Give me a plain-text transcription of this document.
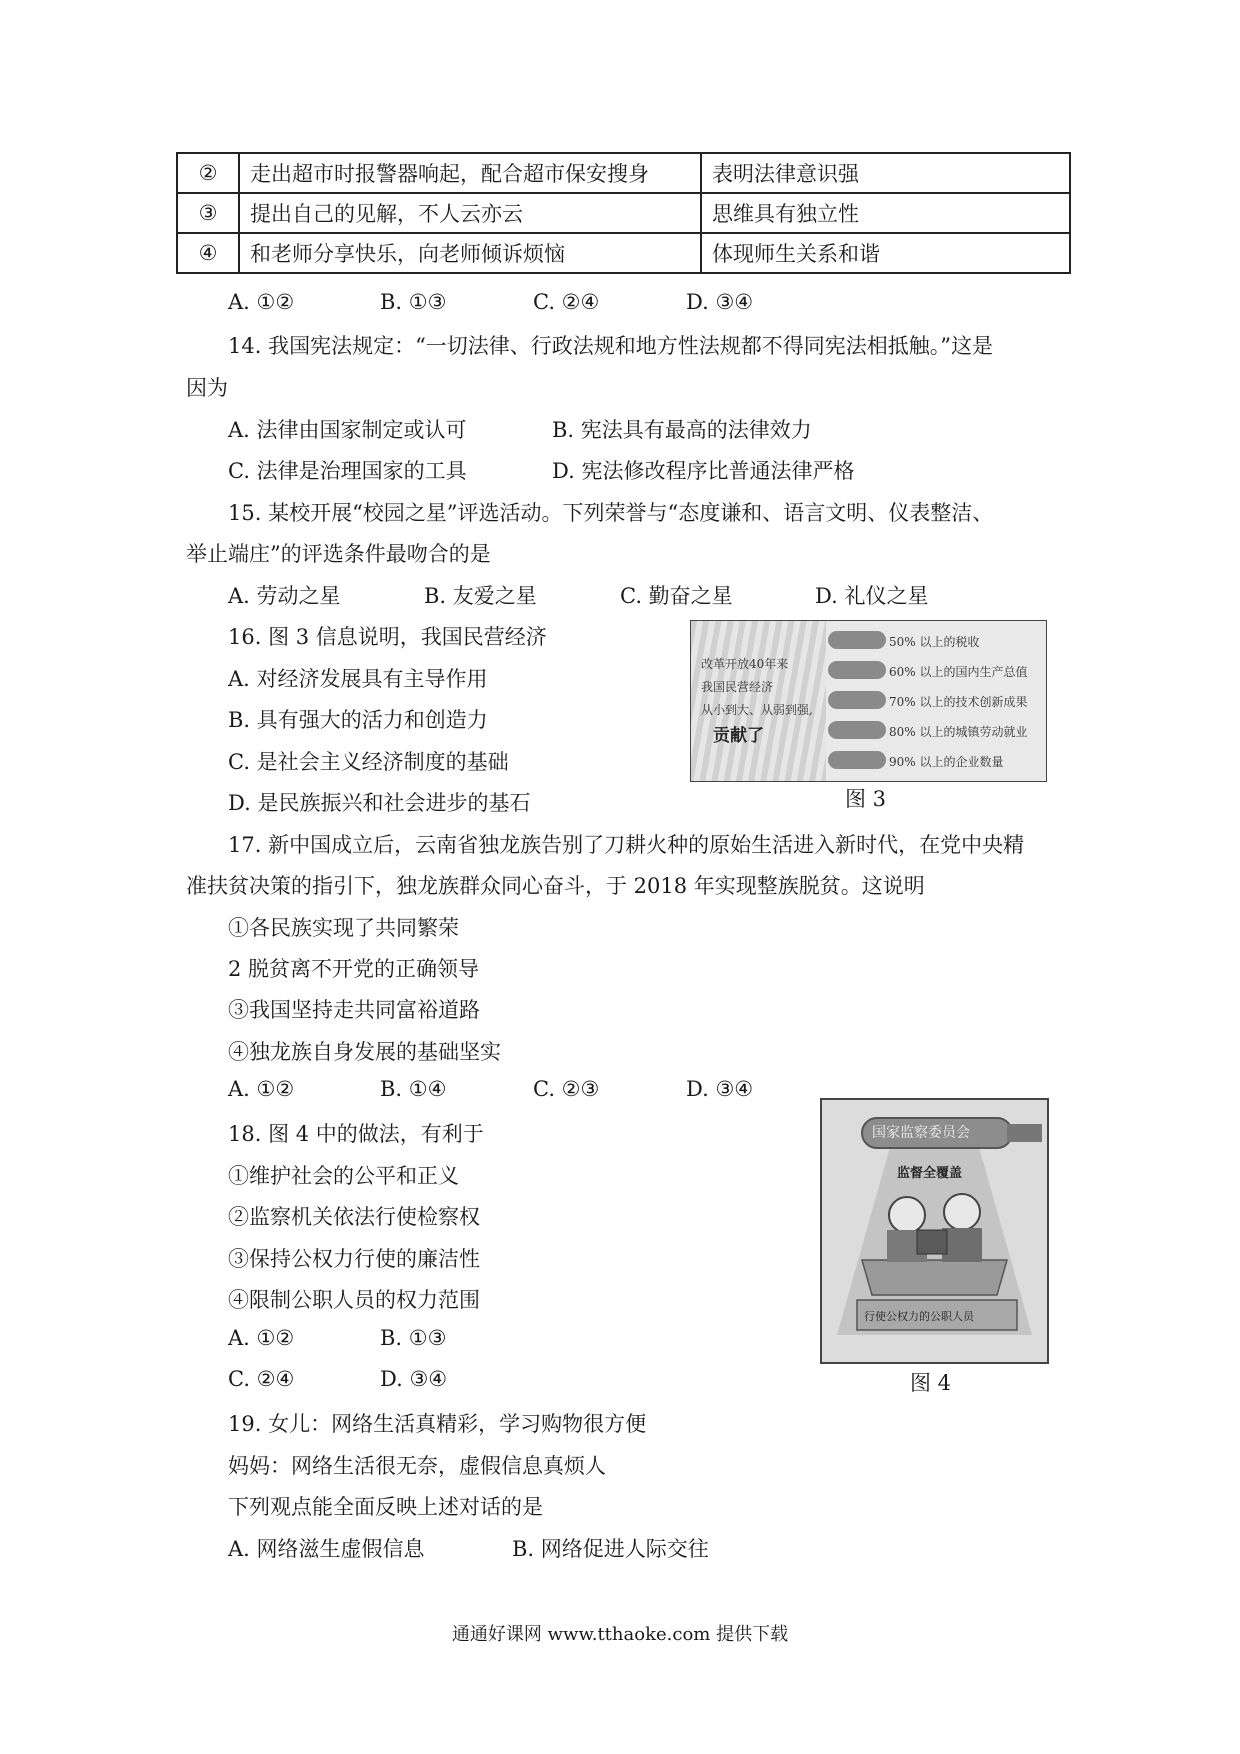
②	走出超市时报警器响起，配合超市保安搜身	表明法律意识强
③	提出自己的见解，不人云亦云	思维具有独立性
④	和老师分享快乐，向老师倾诉烦恼	体现师生关系和谐
A. ①②	B. ①③	C. ②④	D. ③④
14. 我国宪法规定：“一切法律、行政法规和地方性法规都不得同宪法相抵触。”这是
因为
A. 法律由国家制定或认可	B. 宪法具有最高的法律效力
C. 法律是治理国家的工具	D. 宪法修改程序比普通法律严格
15. 某校开展“校园之星”评选活动。下列荣誉与“态度谦和、语言文明、仪表整洁、
举止端庄”的评选条件最吻合的是
A. 劳动之星	B. 友爱之星	C. 勤奋之星	D. 礼仪之星
16. 图 3 信息说明，我国民营经济
A. 对经济发展具有主导作用
B. 具有强大的活力和创造力
C. 是社会主义经济制度的基础
D. 是民族振兴和社会进步的基石
改革开放40年来
我国民营经济
从小到大、从弱到强,
贡献了
50% 以上的税收
60% 以上的国内生产总值
70% 以上的技术创新成果
80% 以上的城镇劳动就业
90% 以上的企业数量
图 3
17. 新中国成立后，云南省独龙族告别了刀耕火种的原始生活进入新时代，在党中央精
准扶贫决策的指引下，独龙族群众同心奋斗，于 2018 年实现整族脱贫。这说明
①各民族实现了共同繁荣
2 脱贫离不开党的正确领导
③我国坚持走共同富裕道路
④独龙族自身发展的基础坚实
A. ①②	B. ①④	C. ②③	D. ③④
18. 图 4 中的做法，有利于
①维护社会的公平和正义
②监察机关依法行使检察权
③保持公权力行使的廉洁性
④限制公职人员的权力范围
A. ①②	B. ①③
C. ②④	D. ③④
国家监察委员会
监督全覆盖
行使公权力的公职人员
图 4
19. 女儿：网络生活真精彩，学习购物很方便
妈妈：网络生活很无奈，虚假信息真烦人
下列观点能全面反映上述对话的是
A. 网络滋生虚假信息	B. 网络促进人际交往
通通好课网 www.tthaoke.com 提供下载
